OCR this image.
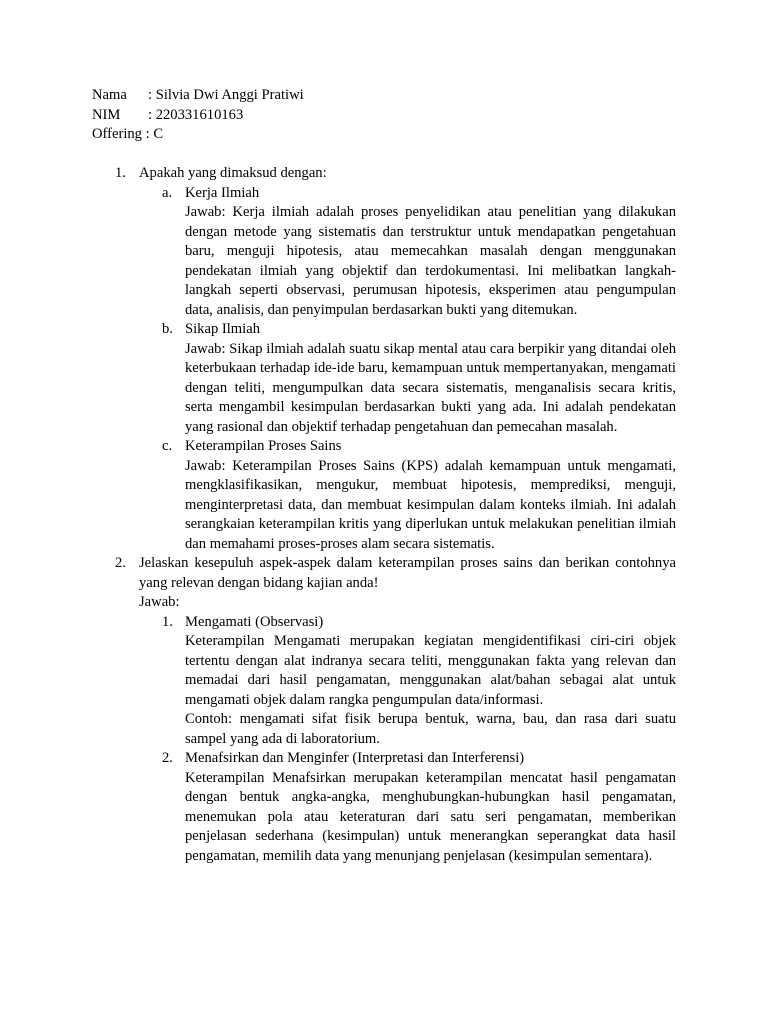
Nama : Silvia Dwi Anggi Pratiwi
NIM : 220331610163
Offering : C
1. Apakah yang dimaksud dengan:
a. Kerja Ilmiah
Jawab: Kerja ilmiah adalah proses penyelidikan atau penelitian yang dilakukan dengan metode yang sistematis dan terstruktur untuk mendapatkan pengetahuan baru, menguji hipotesis, atau memecahkan masalah dengan menggunakan pendekatan ilmiah yang objektif dan terdokumentasi. Ini melibatkan langkah-langkah seperti observasi, perumusan hipotesis, eksperimen atau pengumpulan data, analisis, dan penyimpulan berdasarkan bukti yang ditemukan.
b. Sikap Ilmiah
Jawab: Sikap ilmiah adalah suatu sikap mental atau cara berpikir yang ditandai oleh keterbukaan terhadap ide-ide baru, kemampuan untuk mempertanyakan, mengamati dengan teliti, mengumpulkan data secara sistematis, menganalisis secara kritis, serta mengambil kesimpulan berdasarkan bukti yang ada. Ini adalah pendekatan yang rasional dan objektif terhadap pengetahuan dan pemecahan masalah.
c. Keterampilan Proses Sains
Jawab: Keterampilan Proses Sains (KPS) adalah kemampuan untuk mengamati, mengklasifikasikan, mengukur, membuat hipotesis, memprediksi, menguji, menginterpretasi data, dan membuat kesimpulan dalam konteks ilmiah. Ini adalah serangkaian keterampilan kritis yang diperlukan untuk melakukan penelitian ilmiah dan memahami proses-proses alam secara sistematis.
2. Jelaskan kesepuluh aspek-aspek dalam keterampilan proses sains dan berikan contohnya yang relevan dengan bidang kajian anda!
Jawab:
1. Mengamati (Observasi)
Keterampilan Mengamati merupakan kegiatan mengidentifikasi ciri-ciri objek tertentu dengan alat indranya secara teliti, menggunakan fakta yang relevan dan memadai dari hasil pengamatan, menggunakan alat/bahan sebagai alat untuk mengamati objek dalam rangka pengumpulan data/informasi.
Contoh: mengamati sifat fisik berupa bentuk, warna, bau, dan rasa dari suatu sampel yang ada di laboratorium.
2. Menafsirkan dan Menginfer (Interpretasi dan Interferensi)
Keterampilan Menafsirkan merupakan keterampilan mencatat hasil pengamatan dengan bentuk angka-angka, menghubungkan-hubungkan hasil pengamatan, menemukan pola atau keteraturan dari satu seri pengamatan, memberikan penjelasan sederhana (kesimpulan) untuk menerangkan seperangkat data hasil pengamatan, memilih data yang menunjang penjelasan (kesimpulan sementara).
